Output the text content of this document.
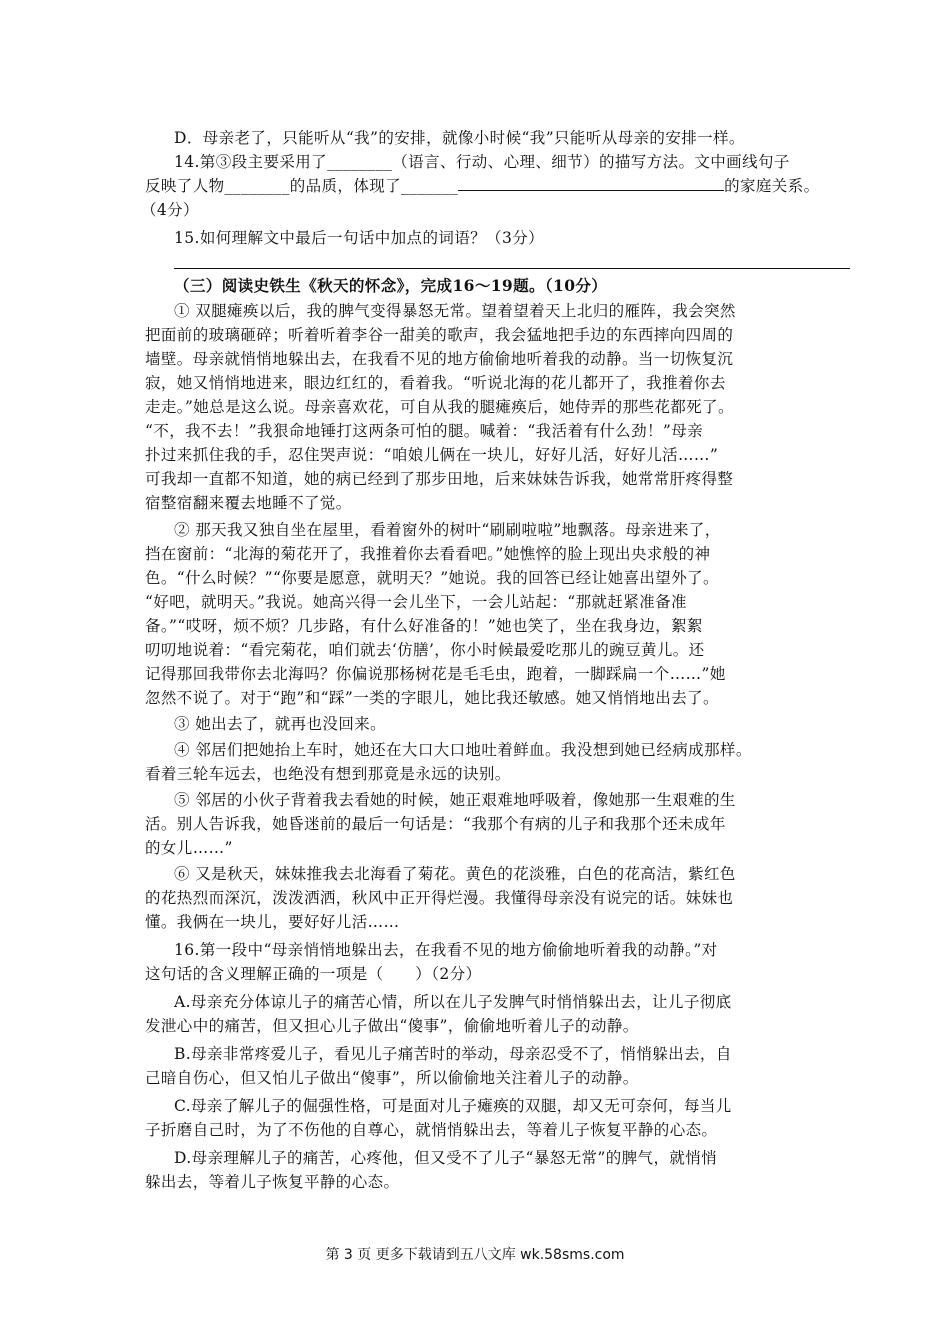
D．母亲老了，只能听从“我”的安排，就像小时候“我”只能听从母亲的安排一样。
14.第③段主要采用了________（语言、行动、心理、细节）的描写方法。文中画线句子
反映了人物________的品质，体现了_______	的家庭关系。
（4分）
15.如何理解文中最后一句话中加点的词语？（3分）
（三）阅读史铁生《秋天的怀念》，完成16～19题。（10分）
① 双腿瘫痪以后，我的脾气变得暴怒无常。望着望着天上北归的雁阵，我会突然
把面前的玻璃砸碎；听着听着李谷一甜美的歌声，我会猛地把手边的东西摔向四周的
墙壁。母亲就悄悄地躲出去，在我看不见的地方偷偷地听着我的动静。当一切恢复沉
寂，她又悄悄地进来，眼边红红的，看着我。“听说北海的花儿都开了，我推着你去
走走。”她总是这么说。母亲喜欢花，可自从我的腿瘫痪后，她侍弄的那些花都死了。
“不，我不去！”我狠命地锤打这两条可怕的腿。喊着：“我活着有什么劲！”母亲
扑过来抓住我的手，忍住哭声说：“咱娘儿俩在一块儿，好好儿活，好好儿活……”
可我却一直都不知道，她的病已经到了那步田地，后来妹妹告诉我，她常常肝疼得整
宿整宿翻来覆去地睡不了觉。
② 那天我又独自坐在屋里，看着窗外的树叶“刷刷啦啦”地飘落。母亲进来了，
挡在窗前：“北海的菊花开了，我推着你去看看吧。”她憔悴的脸上现出央求般的神
色。“什么时候？”“你要是愿意，就明天？”她说。我的回答已经让她喜出望外了。
“好吧，就明天。”我说。她高兴得一会儿坐下，一会儿站起：“那就赶紧准备准
备。”“哎呀，烦不烦？几步路，有什么好准备的！”她也笑了，坐在我身边，絮絮
叨叨地说着：“看完菊花，咱们就去‘仿膳’，你小时候最爱吃那儿的豌豆黄儿。还
记得那回我带你去北海吗？你偏说那杨树花是毛毛虫，跑着，一脚踩扁一个……”她
忽然不说了。对于“跑”和“踩”一类的字眼儿，她比我还敏感。她又悄悄地出去了。
③ 她出去了，就再也没回来。
④ 邻居们把她抬上车时，她还在大口大口地吐着鲜血。我没想到她已经病成那样。
看着三轮车远去，也绝没有想到那竟是永远的诀别。
⑤ 邻居的小伙子背着我去看她的时候，她正艰难地呼吸着，像她那一生艰难的生
活。别人告诉我，她昏迷前的最后一句话是：“我那个有病的儿子和我那个还未成年
的女儿……”
⑥ 又是秋天，妹妹推我去北海看了菊花。黄色的花淡雅，白色的花高洁，紫红色
的花热烈而深沉，泼泼洒洒，秋风中正开得烂漫。我懂得母亲没有说完的话。妹妹也
懂。我俩在一块儿，要好好儿活……
16.第一段中“母亲悄悄地躲出去，在我看不见的地方偷偷地听着我的动静。”对
这句话的含义理解正确的一项是（　　）（2分）
A.母亲充分体谅儿子的痛苦心情，所以在儿子发脾气时悄悄躲出去，让儿子彻底
发泄心中的痛苦，但又担心儿子做出“傻事”，偷偷地听着儿子的动静。
B.母亲非常疼爱儿子，看见儿子痛苦时的举动，母亲忍受不了，悄悄躲出去，自
己暗自伤心，但又怕儿子做出“傻事”，所以偷偷地关注着儿子的动静。
C.母亲了解儿子的倔强性格，可是面对儿子瘫痪的双腿，却又无可奈何，每当儿
子折磨自己时，为了不伤他的自尊心，就悄悄躲出去，等着儿子恢复平静的心态。
D.母亲理解儿子的痛苦，心疼他，但又受不了儿子“暴怒无常”的脾气，就悄悄
躲出去，等着儿子恢复平静的心态。
第 3 页 更多下载请到五八文库 wk.58sms.com
